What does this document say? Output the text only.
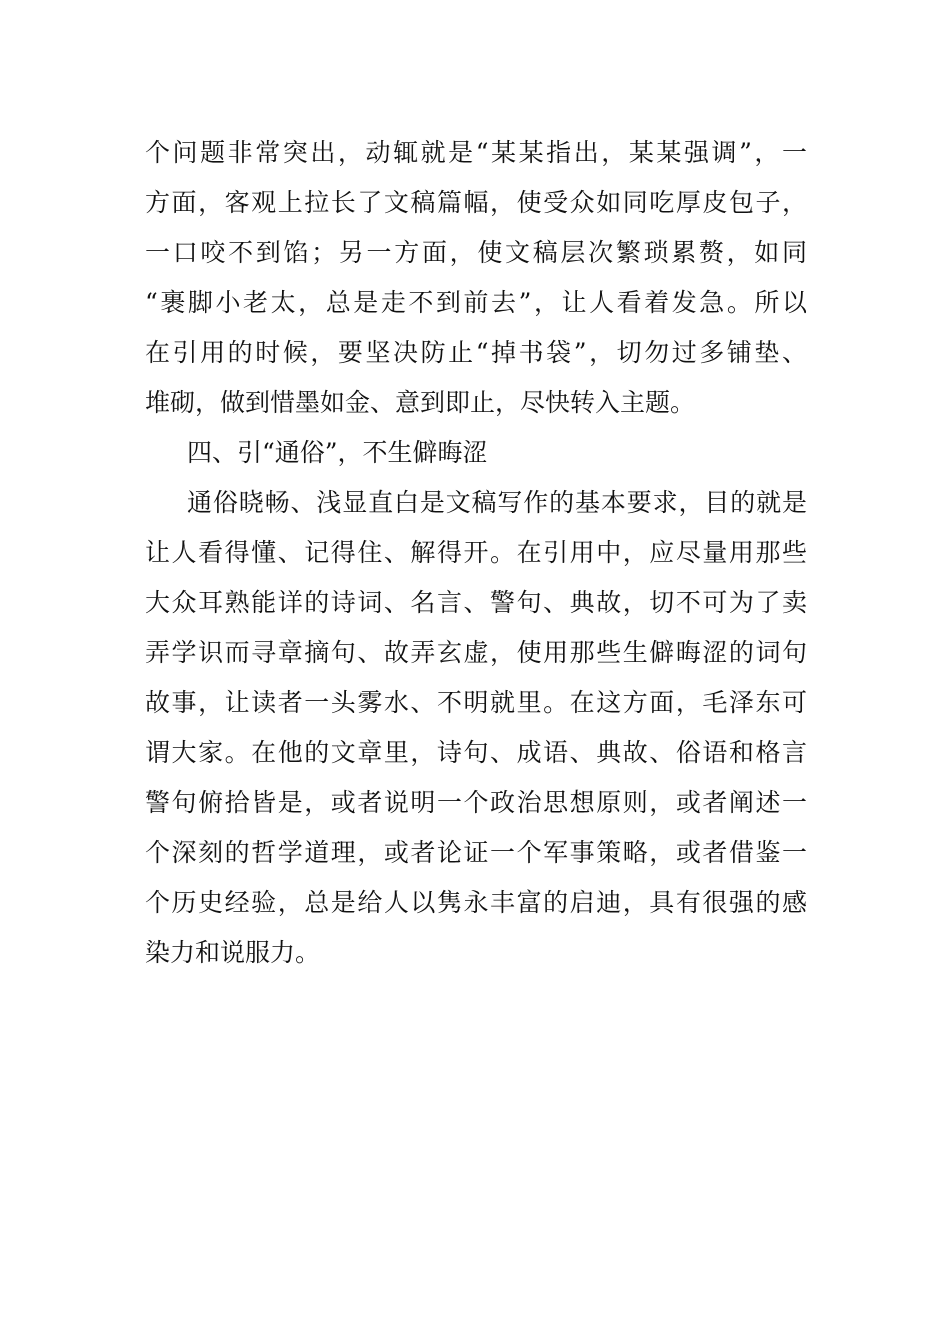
个问题非常突出，动辄就是“某某指出，某某强调”，一
方面，客观上拉长了文稿篇幅，使受众如同吃厚皮包子，
一口咬不到馅；另一方面，使文稿层次繁琐累赘，如同
“裹脚小老太，总是走不到前去”，让人看着发急。所以
在引用的时候，要坚决防止“掉书袋”，切勿过多铺垫、
堆砌，做到惜墨如金、意到即止，尽快转入主题。
四、引“通俗”，不生僻晦涩
通俗晓畅、浅显直白是文稿写作的基本要求，目的就是
让人看得懂、记得住、解得开。在引用中，应尽量用那些
大众耳熟能详的诗词、名言、警句、典故，切不可为了卖
弄学识而寻章摘句、故弄玄虚，使用那些生僻晦涩的词句
故事，让读者一头雾水、不明就里。在这方面，毛泽东可
谓大家。在他的文章里，诗句、成语、典故、俗语和格言
警句俯拾皆是，或者说明一个政治思想原则，或者阐述一
个深刻的哲学道理，或者论证一个军事策略，或者借鉴一
个历史经验，总是给人以隽永丰富的启迪，具有很强的感
染力和说服力。
